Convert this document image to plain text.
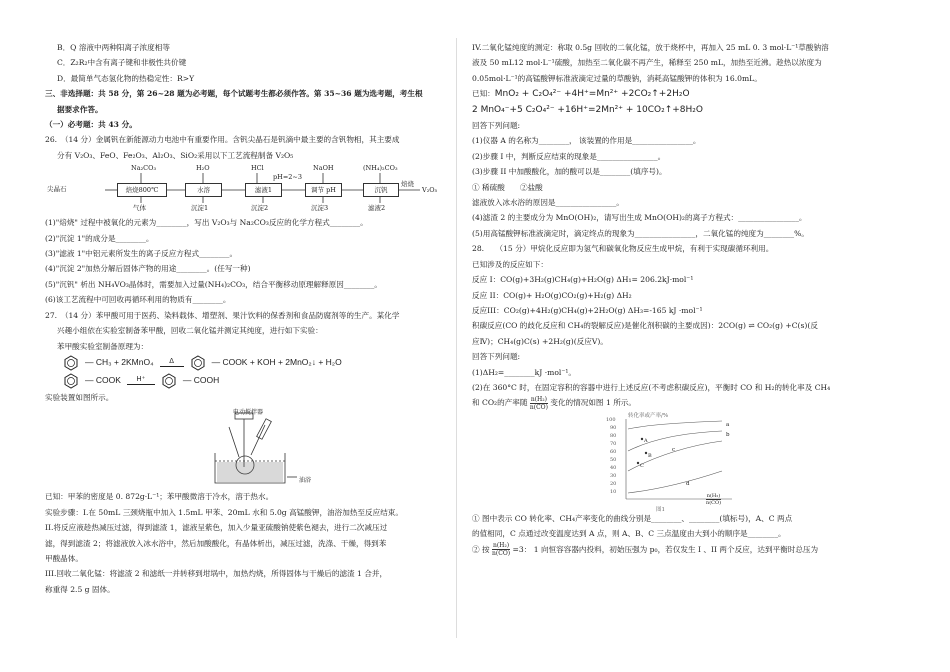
B．Q 溶液中两种阳离子浓度相等

C．Z₂R₂中含有离子键和非极性共价键

D．最简单气态氢化物的热稳定性：R>Y

三、非选择题：共 58 分，第 26~28 题为必考题，每个试题考生都必须作答。第 35~36 题为选考题，考生根

据要求作答。

（一）必考题：共 43 分。

26.　（14 分）金属钒在新能源动力电池中有重要作用。含钒尖晶石是钒滴中最主要的含钒物相，其主要成

分有 V₂O₃、FeO、Fe₂O₃、Al₂O₃、SiO₂采用以下工艺流程制备 V₂O₅

尖晶石	焙烧800℃	水溶	滤液1	调节 pH	沉钒
Na₂CO₃	H₂O	HCl
pH=2~3
NaOH	(NH₄)₂CO₃
气体	沉淀1	沉淀2	沉淀3	滤液2
焙烧
V₂O₅

(1)"焙烧" 过程中被氧化的元素为________，写出 V₂O₃与 Na₂CO₃反应的化学方程式________。

(2)"沉淀 1"的成分是________。

(3)"滤液 1"中铝元素所发生的离子反应方程式________。

(4)"沉淀 2"加热分解后固体产物的用途________。(任写一种)

(5)"沉钒" 析出 NH₄VO₃晶体时，需要加入过量(NH₄)₂CO₃，结合平衡移动原理解释原因________。

(6)该工艺流程中可回收再循环利用的物质有________。

27.　（14 分）苯甲酸可用于医药、染料载体、增塑剂、果汁饮料的保香剂和食品防腐剂等的生产。某化学

兴趣小组依在实验室制备苯甲酸，回收二氧化锰并测定其纯度，进行如下实验：

苯甲酸实验室制备原理为：

— CH₃ + 2KMnO₄	Δ	— COOK + KOH + 2MnO₂↓ + H₂O
— COOK	H⁺	— COOH

实验装置如图所示。

电动搅拌器
油浴

已知：甲苯的密度是 0. 872g·L⁻¹；苯甲酸微溶于冷水，溶于热水。

实验步骤：I.在 50mL 三颈烧瓶中加入 1.5mL 甲苯、20mL 水和 5.0g 高锰酸钾，油浴加热至反应结束。

II.将反应液趁热减压过滤，得到滤渣 1，滤液呈紫色，加入少量亚硫酸钠使紫色褪去，进行二次减压过

滤，得到滤渣 2；将滤液放入冰水浴中，然后加酸酸化，有晶体析出，减压过滤，洗涤、干燥，得到苯

甲酸晶体。

III.回收二氧化锰：将滤渣 2 和滤纸一并转移到坩埚中，加热灼烧，所得固体与干燥后的滤渣 1 合并，

称重得 2.5 g 固体。

IV.二氧化锰纯度的测定：称取 0.5g 回收的二氧化锰，放于烧杯中，再加入 25 mL 0. 3 mol·L⁻¹草酸钠溶

液及 50 mL12 mol·L⁻¹硫酸，加热至二氧化碳不再产生，稀释至 250 mL，加热至近沸。趁热以浓度为

0.05mol·L⁻¹的高锰酸钾标准液滴定过量的草酸钠，消耗高锰酸钾的体积为 16.0mL。

已知：MnO₂ + C₂O₄²⁻ +4H⁺=Mn²⁺ +2CO₂↑+2H₂O

2 MnO₄⁻+5 C₂O₄²⁻ +16H⁺=2Mn²⁺ + 10CO₂↑+8H₂O

回答下列问题:

(1)仪器 A 的名称为________， 该装置的作用是________________。

(2)步骤 I 中，判断反应结束的现象是________________。

(3)步骤 II 中加酸酸化，加的酸可以是________(填序号)。

① 稀硫酸　　②盐酸

滤液放入冰水浴的原因是________________。

(4)滤渣 2 的主要成分为 MnO(OH)₂，请写出生成 MnO(OH)₂的离子方程式：________________。

(5)用高锰酸钾标准液滴定时，滴定终点的现象为________________，二氧化锰的纯度为________%。

28.　　（15 分）甲烷化反应即为氢气和碳氧化物反应生成甲烷，有利于实现碳循环利用。

已知涉及的反应如下：

反应 I：CO(g)+3H₂(g)CH₄(g)+H₂O(g) ΔH₁= 206.2kJ·mol⁻¹

反应 II：CO(g)+ H₂O(g)CO₂(g)+H₂(g) ΔH₂

反应III：CO₂(g)+4H₂(g)CH₄(g)+2H₂O(g) ΔH₃=-165 kJ ·mol⁻¹

积碳反应(CO 的歧化反应和 CH₄的裂解反应)是催化剂积碳的主要成因)：2CO(g) ⇌ CO₂(g) +C(s)(反

应Ⅳ)；CH₄(g)C(s) +2H₂(g)(反应Ⅴ)。

回答下列问题:

(1)ΔH₂=________kJ ·mol⁻¹。

(2)在 360°C 时，在固定容积的容器中进行上述反应(不考虑积碳反应)，平衡时 CO 和 H₂的转化率及 CH₄

和 CO₂的产率随 $\frac{\text{n(H₂)}}{n(CO)}$ 变化的情况如图 1 所示。

转化率或产率/%
100
90
80
70
60
50
40
30
20
10
a
b
c
d
A
B
C
$\frac{\text{n(H₂)}}{n(CO)}$
图1

① 图中表示 CO 转化率、CH₄产率变化的曲线分别是________、________(填标号)，A、C 两点

的值相同，C 点通过改变温度达到 A 点，则 A、B、C 三点温度由大到小的顺序是________。

② 按 $\frac{\text{n(H₂)}}{n(CO)} =3$： 1 向恒容容器内投料，初始压强为 p₀，若仅发生 I 、II 两个反应，达到平衡时总压为
